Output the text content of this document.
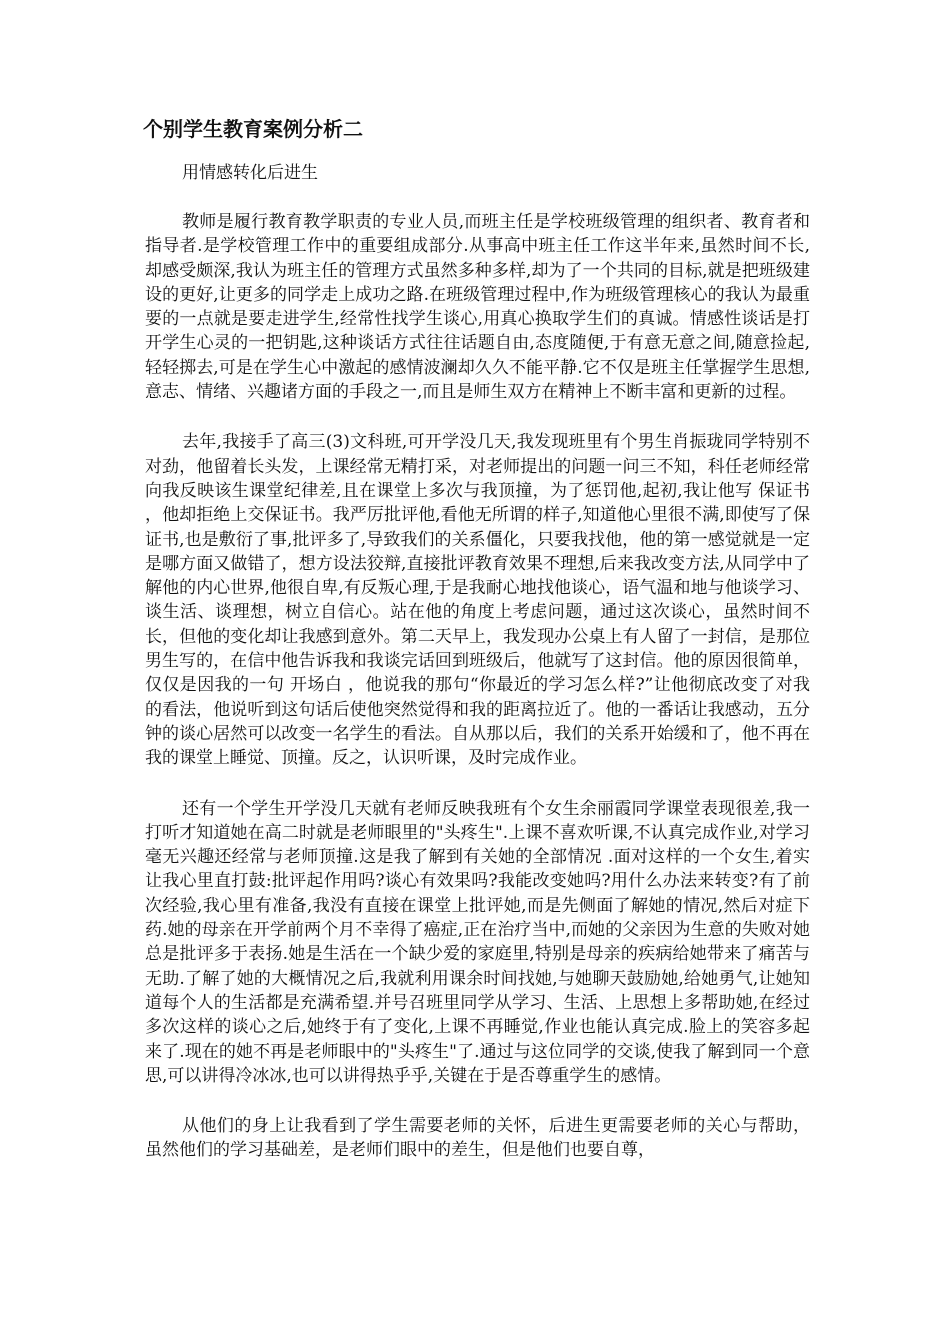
个别学生教育案例分析二

用情感转化后进生

教师是履行教育教学职责的专业人员,而班主任是学校班级管理的组织者、教育者和指导者.是学校管理工作中的重要组成部分.从事高中班主任工作这半年来,虽然时间不长,却感受颇深,我认为班主任的管理方式虽然多种多样,却为了一个共同的目标,就是把班级建设的更好,让更多的同学走上成功之路.在班级管理过程中,作为班级管理核心的我认为最重要的一点就是要走进学生,经常性找学生谈心,用真心换取学生们的真诚。情感性谈话是打开学生心灵的一把钥匙,这种谈话方式往往话题自由,态度随便,于有意无意之间,随意捡起,轻轻掷去,可是在学生心中激起的感情波澜却久久不能平静.它不仅是班主任掌握学生思想,意志、情绪、兴趣诸方面的手段之一,而且是师生双方在精神上不断丰富和更新的过程。

去年,我接手了高三(3)文科班,可开学没几天,我发现班里有个男生肖振珑同学特别不对劲，他留着长头发，上课经常无精打采，对老师提出的问题一问三不知，科任老师经常向我反映该生课堂纪律差,且在课堂上多次与我顶撞，为了惩罚他,起初,我让他写 保证书 ，他却拒绝上交保证书。我严厉批评他,看他无所谓的样子,知道他心里很不满,即使写了保证书,也是敷衍了事,批评多了,导致我们的关系僵化，只要我找他，他的第一感觉就是一定是哪方面又做错了，想方设法狡辩,直接批评教育效果不理想,后来我改变方法,从同学中了解他的内心世界,他很自卑,有反叛心理,于是我耐心地找他谈心，语气温和地与他谈学习、谈生活、谈理想，树立自信心。站在他的角度上考虑问题，通过这次谈心，虽然时间不长，但他的变化却让我感到意外。第二天早上，我发现办公桌上有人留了一封信，是那位男生写的，在信中他告诉我和我谈完话回到班级后，他就写了这封信。他的原因很简单，仅仅是因我的一句 开场白 ，他说我的那句“你最近的学习怎么样?”让他彻底改变了对我的看法，他说听到这句话后使他突然觉得和我的距离拉近了。他的一番话让我感动，五分钟的谈心居然可以改变一名学生的看法。自从那以后，我们的关系开始缓和了，他不再在我的课堂上睡觉、顶撞。反之，认识听课，及时完成作业。

还有一个学生开学没几天就有老师反映我班有个女生余丽霞同学课堂表现很差,我一打听才知道她在高二时就是老师眼里的"头疼生".上课不喜欢听课,不认真完成作业,对学习毫无兴趣还经常与老师顶撞.这是我了解到有关她的全部情况 .面对这样的一个女生,着实让我心里直打鼓:批评起作用吗?谈心有效果吗?我能改变她吗?用什么办法来转变?有了前次经验,我心里有准备,我没有直接在课堂上批评她,而是先侧面了解她的情况,然后对症下药.她的母亲在开学前两个月不幸得了癌症,正在治疗当中,而她的父亲因为生意的失败对她总是批评多于表扬.她是生活在一个缺少爱的家庭里,特别是母亲的疾病给她带来了痛苦与无助.了解了她的大概情况之后,我就利用课余时间找她,与她聊天鼓励她,给她勇气,让她知道每个人的生活都是充满希望.并号召班里同学从学习、生活、上思想上多帮助她,在经过多次这样的谈心之后,她终于有了变化,上课不再睡觉,作业也能认真完成.脸上的笑容多起来了.现在的她不再是老师眼中的"头疼生"了.通过与这位同学的交谈,使我了解到同一个意思,可以讲得冷冰冰,也可以讲得热乎乎,关键在于是否尊重学生的感情。

从他们的身上让我看到了学生需要老师的关怀，后进生更需要老师的关心与帮助，虽然他们的学习基础差，是老师们眼中的差生，但是他们也要自尊，
